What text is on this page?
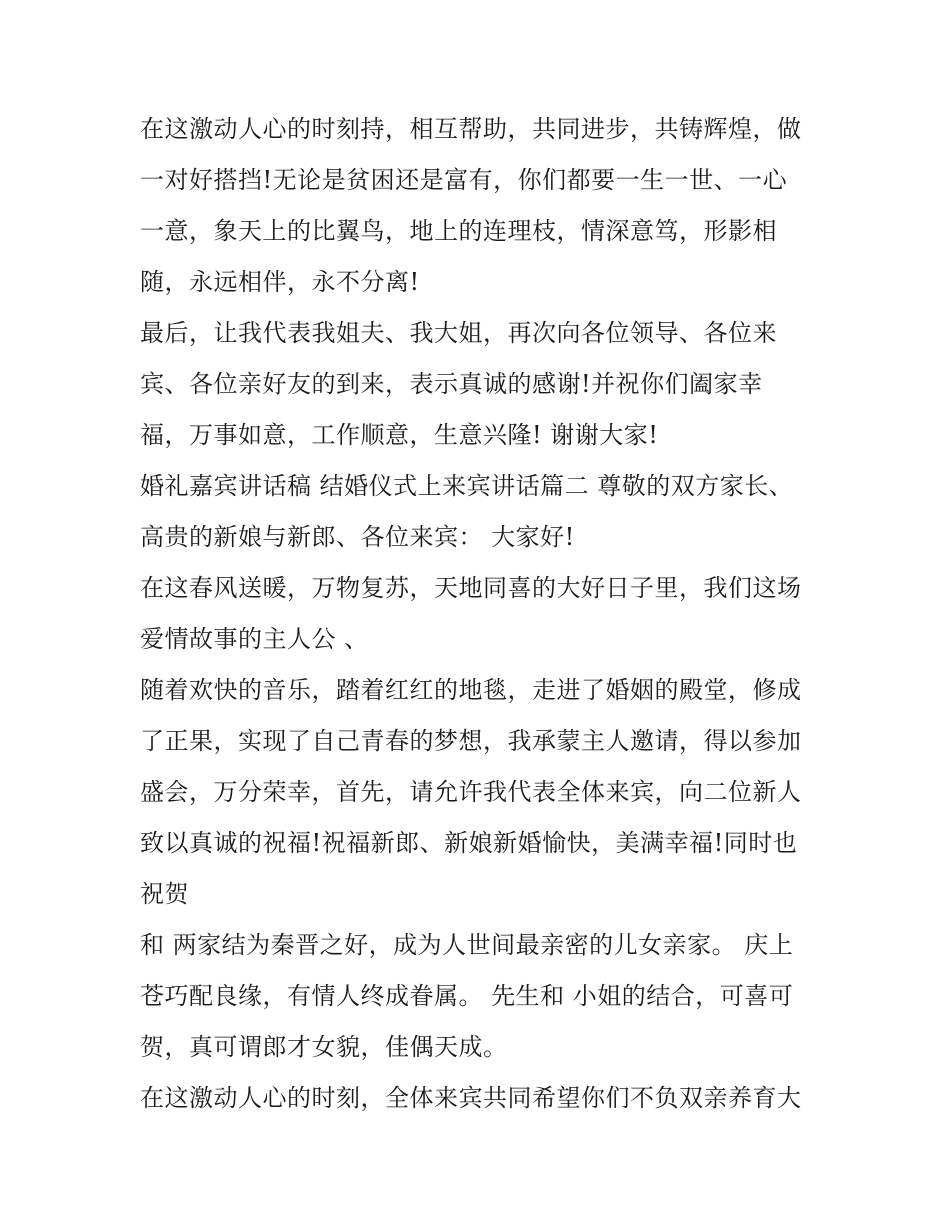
在这激动人心的时刻持，相互帮助，共同进步，共铸辉煌，做
一对好搭挡!无论是贫困还是富有，你们都要一生一世、一心
一意，象天上的比翼鸟，地上的连理枝，情深意笃，形影相
随，永远相伴，永不分离!
最后，让我代表我姐夫、我大姐，再次向各位领导、各位来
宾、各位亲好友的到来，表示真诚的感谢!并祝你们阖家幸
福，万事如意，工作顺意，生意兴隆! 谢谢大家!
婚礼嘉宾讲话稿 结婚仪式上来宾讲话篇二 尊敬的双方家长、
高贵的新娘与新郎、各位来宾： 大家好!
在这春风送暖，万物复苏，天地同喜的大好日子里，我们这场
爱情故事的主人公 、
随着欢快的音乐，踏着红红的地毯，走进了婚姻的殿堂，修成
了正果，实现了自己青春的梦想，我承蒙主人邀请，得以参加
盛会，万分荣幸，首先，请允许我代表全体来宾，向二位新人
致以真诚的祝福!祝福新郎、新娘新婚愉快，美满幸福!同时也
祝贺
和 两家结为秦晋之好，成为人世间最亲密的儿女亲家。 庆上
苍巧配良缘，有情人终成眷属。 先生和 小姐的结合，可喜可
贺，真可谓郎才女貌，佳偶天成。
在这激动人心的时刻，全体来宾共同希望你们不负双亲养育大
